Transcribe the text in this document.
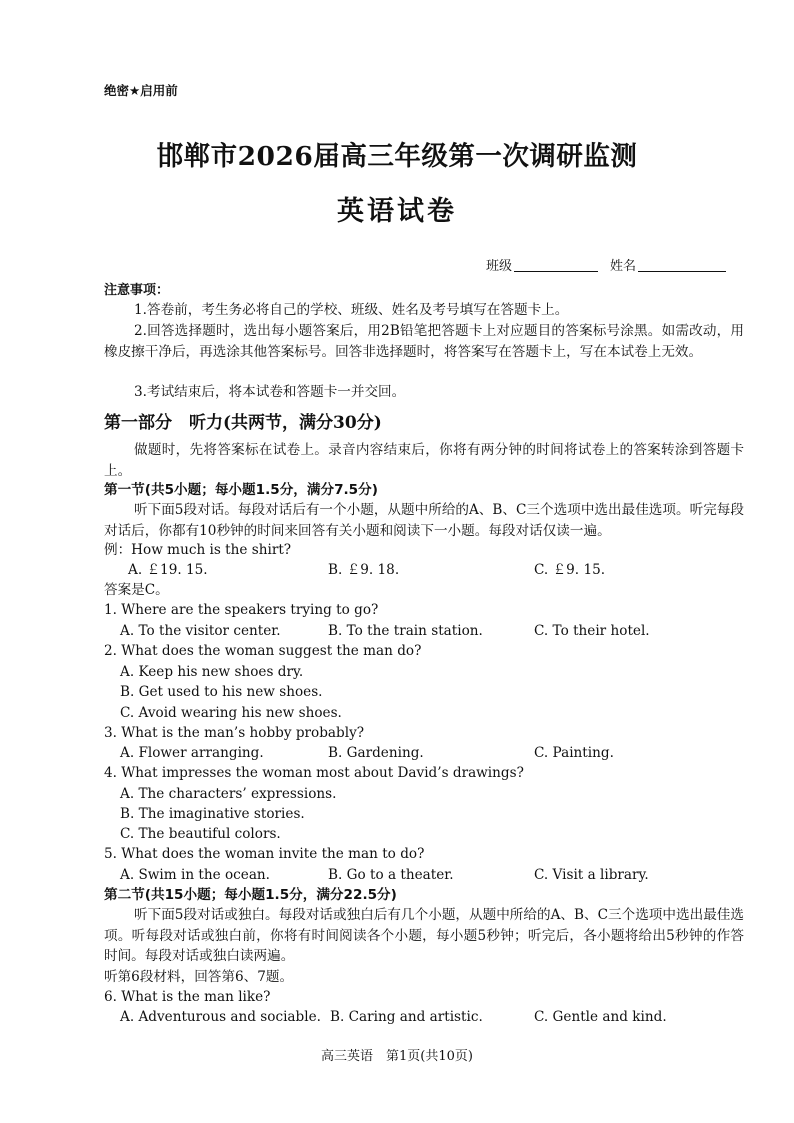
绝密★启用前
邯郸市2026届高三年级第一次调研监测
英语试卷
班级	姓名
注意事项：
1.答卷前，考生务必将自己的学校、班级、姓名及考号填写在答题卡上。
2.回答选择题时，选出每小题答案后，用2B铅笔把答题卡上对应题目的答案标号涂黑。如需改动，用橡皮擦干净后，再选涂其他答案标号。回答非选择题时，将答案写在答题卡上，写在本试卷上无效。
3.考试结束后，将本试卷和答题卡一并交回。
第一部分　听力(共两节，满分30分)
做题时，先将答案标在试卷上。录音内容结束后，你将有两分钟的时间将试卷上的答案转涂到答题卡上。
第一节(共5小题；每小题1.5分，满分7.5分)
听下面5段对话。每段对话后有一个小题，从题中所给的A、B、C三个选项中选出最佳选项。听完每段对话后，你都有10秒钟的时间来回答有关小题和阅读下一小题。每段对话仅读一遍。
例：How much is the shirt?
A. ￡19. 15.	B. ￡9. 18.	C. ￡9. 15.
答案是C。
1. Where are the speakers trying to go?
A. To the visitor center.	B. To the train station.	C. To their hotel.
2. What does the woman suggest the man do?
A. Keep his new shoes dry.
B. Get used to his new shoes.
C. Avoid wearing his new shoes.
3. What is the man’s hobby probably?
A. Flower arranging.	B. Gardening.	C. Painting.
4. What impresses the woman most about David’s drawings?
A. The characters’ expressions.
B. The imaginative stories.
C. The beautiful colors.
5. What does the woman invite the man to do?
A. Swim in the ocean.	B. Go to a theater.	C. Visit a library.
第二节(共15小题；每小题1.5分，满分22.5分)
听下面5段对话或独白。每段对话或独白后有几个小题，从题中所给的A、B、C三个选项中选出最佳选项。听每段对话或独白前，你将有时间阅读各个小题，每小题5秒钟；听完后，各小题将给出5秒钟的作答时间。每段对话或独白读两遍。
听第6段材料，回答第6、7题。
6. What is the man like?
A. Adventurous and sociable. B. Caring and artistic.	C. Gentle and kind.
高三英语　第1页(共10页)
